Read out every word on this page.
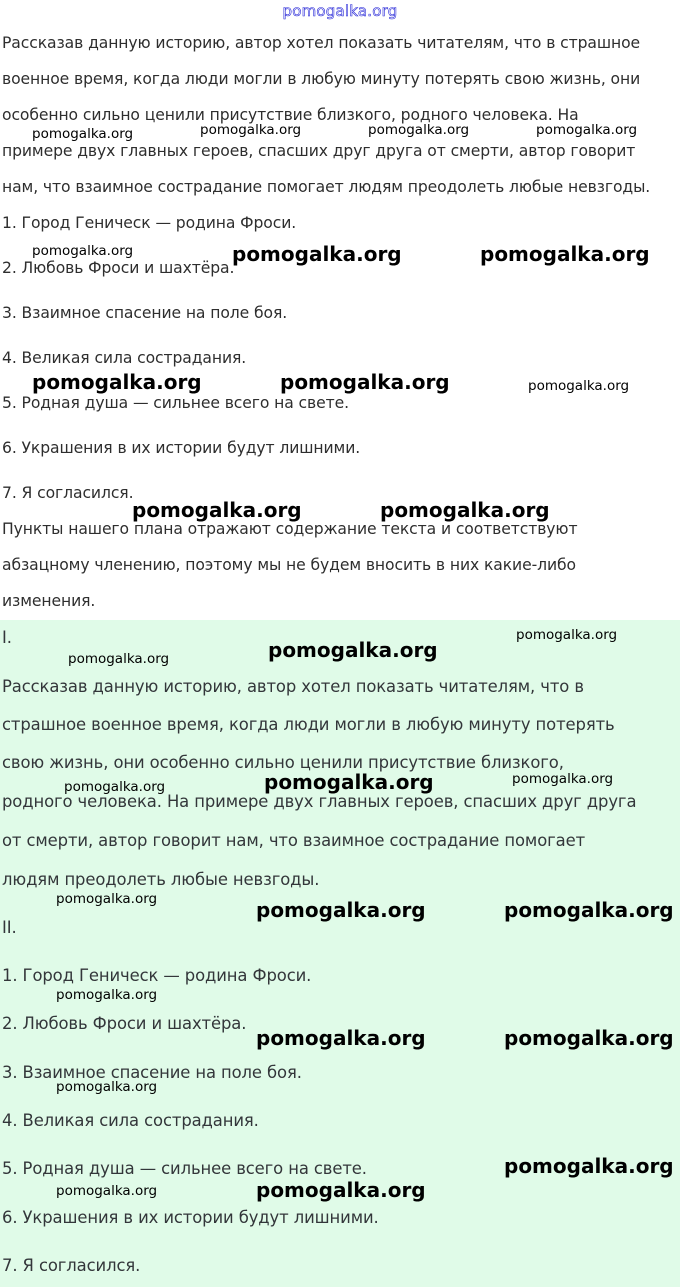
pomogalka.org
Рассказав данную историю, автор хотел показать читателям, что в страшное
военное время, когда люди могли в любую минуту потерять свою жизнь, они
особенно сильно ценили присутствие близкого, родного человека. На
примере двух главных героев, спасших друг друга от смерти, автор говорит
нам, что взаимное сострадание помогает людям преодолеть любые невзгоды.
1. Город Геническ — родина Фроси.
2. Любовь Фроси и шахтёра.
3. Взаимное спасение на поле боя.
4. Великая сила сострадания.
5. Родная душа — сильнее всего на свете.
6. Украшения в их истории будут лишними.
7. Я согласился.
Пункты нашего плана отражают содержание текста и соответствуют
абзацному членению, поэтому мы не будем вносить в них какие-либо
изменения.
I.
Рассказав данную историю, автор хотел показать читателям, что в
страшное военное время, когда люди могли в любую минуту потерять
свою жизнь, они особенно сильно ценили присутствие близкого,
родного человека. На примере двух главных героев, спасших друг друга
от смерти, автор говорит нам, что взаимное сострадание помогает
людям преодолеть любые невзгоды.
II.
1. Город Геническ — родина Фроси.
2. Любовь Фроси и шахтёра.
3. Взаимное спасение на поле боя.
4. Великая сила сострадания.
5. Родная душа — сильнее всего на свете.
6. Украшения в их истории будут лишними.
7. Я согласился.
pomogalka.org	pomogalka.org	pomogalka.org	pomogalka.org
pomogalka.org	pomogalka.org	pomogalka.org
pomogalka.org	pomogalka.org	pomogalka.org
pomogalka.org	pomogalka.org
pomogalka.org
pomogalka.org
pomogalka.org
pomogalka.org	pomogalka.org
pomogalka.org
pomogalka.org	pomogalka.org	pomogalka.org
pomogalka.org
pomogalka.org	pomogalka.org
pomogalka.org
pomogalka.org
pomogalka.org	pomogalka.org
